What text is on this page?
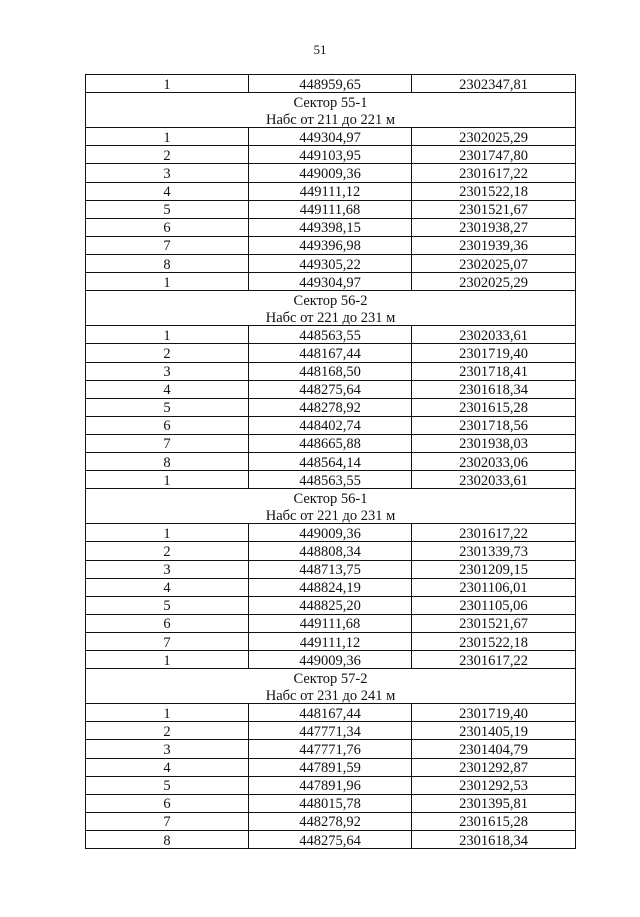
51
1	448959,65	2302347,81
Сектор 55-1		
Набс от 211 до 221 м		
1	449304,97	2302025,29
2	449103,95	2301747,80
3	449009,36	2301617,22
4	449111,12	2301522,18
5	449111,68	2301521,67
6	449398,15	2301938,27
7	449396,98	2301939,36
8	449305,22	2302025,07
1	449304,97	2302025,29
Сектор 56-2		
Набс от 221 до 231 м		
1	448563,55	2302033,61
2	448167,44	2301719,40
3	448168,50	2301718,41
4	448275,64	2301618,34
5	448278,92	2301615,28
6	448402,74	2301718,56
7	448665,88	2301938,03
8	448564,14	2302033,06
1	448563,55	2302033,61
Сектор 56-1		
Набс от 221 до 231 м		
1	449009,36	2301617,22
2	448808,34	2301339,73
3	448713,75	2301209,15
4	448824,19	2301106,01
5	448825,20	2301105,06
6	449111,68	2301521,67
7	449111,12	2301522,18
1	449009,36	2301617,22
Сектор 57-2		
Набс от 231 до 241 м		
1	448167,44	2301719,40
2	447771,34	2301405,19
3	447771,76	2301404,79
4	447891,59	2301292,87
5	447891,96	2301292,53
6	448015,78	2301395,81
7	448278,92	2301615,28
8	448275,64	2301618,34
